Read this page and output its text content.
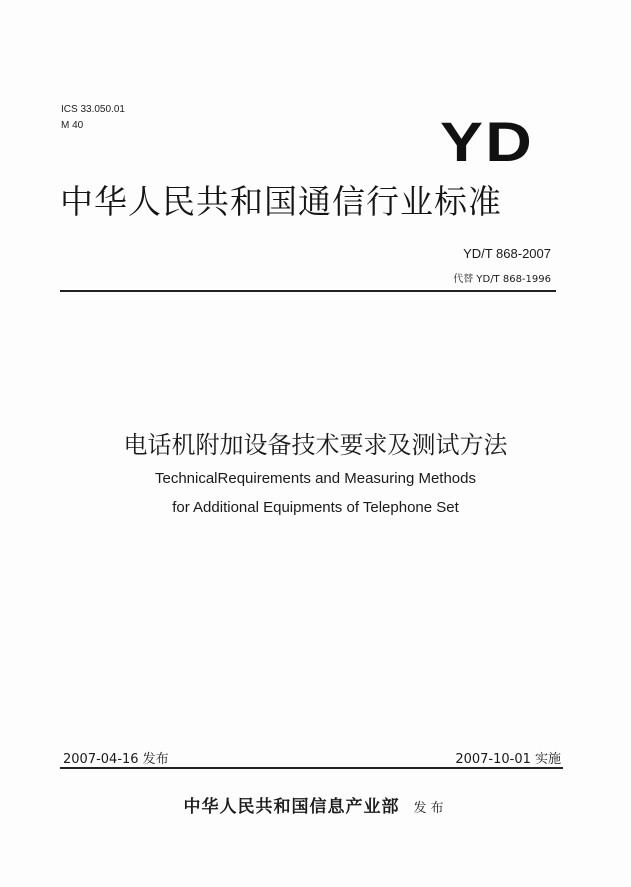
ICS 33.050.01
M 40	YD
中华人民共和国通信行业标准
YD/T 868-2007
代替 YD/T 868-1996
电话机附加设备技术要求及测试方法
TechnicalRequirements and Measuring Methods
for Additional Equipments of Telephone Set
2007-04-16 发布	2007-10-01 实施
中华人民共和国信息产业部 发布
